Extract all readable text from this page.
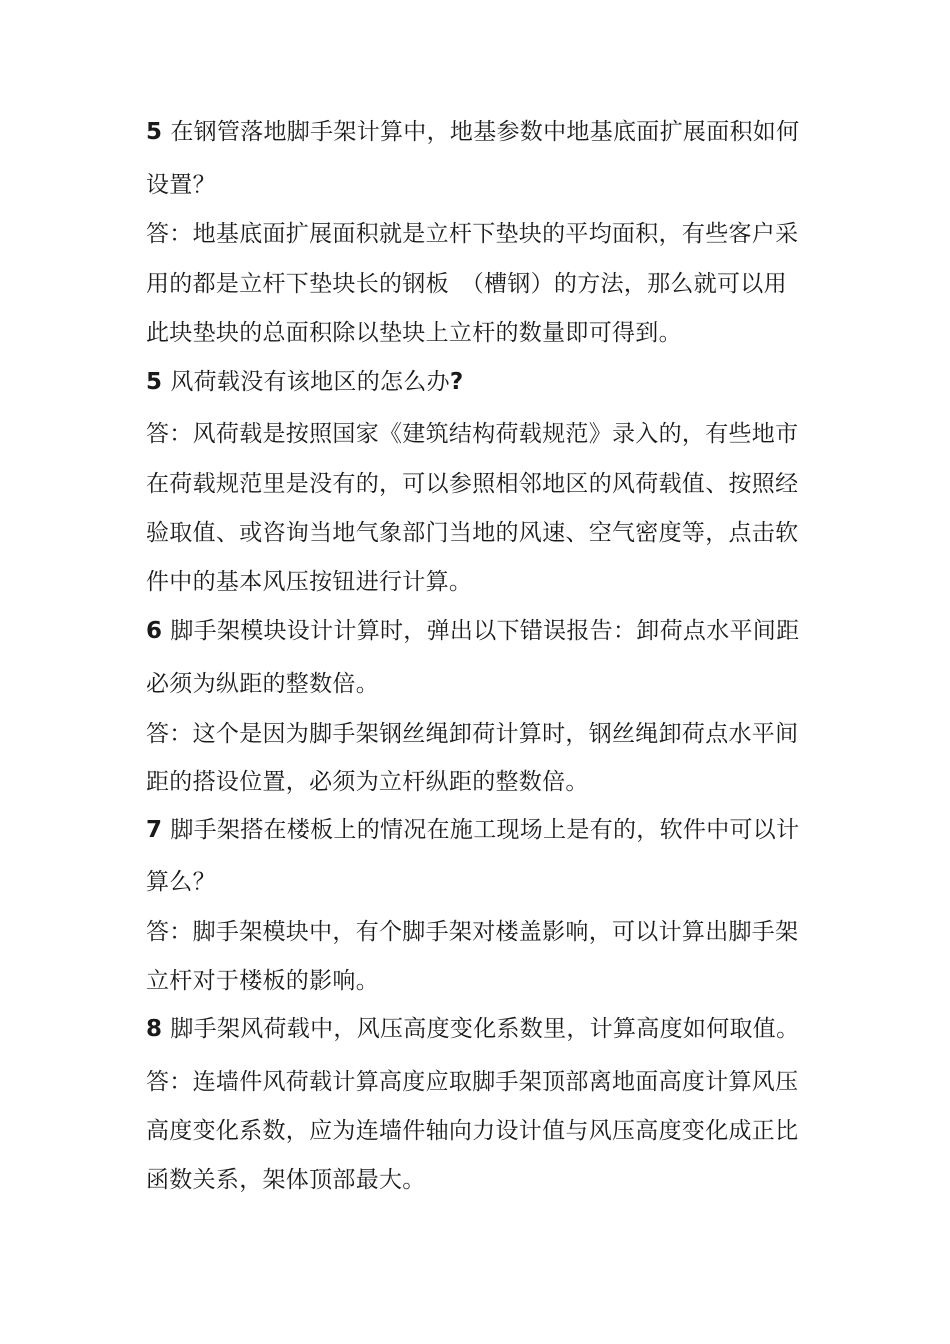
5 在钢管落地脚手架计算中，地基参数中地基底面扩展面积如何
设置？
答：地基底面扩展面积就是立杆下垫块的平均面积，有些客户采
用的都是立杆下垫块长的钢板　（槽钢）的方法，那么就可以用
此块垫块的总面积除以垫块上立杆的数量即可得到。
5 风荷载没有该地区的怎么办?
答：风荷载是按照国家《建筑结构荷载规范》录入的，有些地市
在荷载规范里是没有的，可以参照相邻地区的风荷载值、按照经
验取值、或咨询当地气象部门当地的风速、空气密度等，点击软
件中的基本风压按钮进行计算。
6 脚手架模块设计计算时，弹出以下错误报告：卸荷点水平间距
必须为纵距的整数倍。
答：这个是因为脚手架钢丝绳卸荷计算时，钢丝绳卸荷点水平间
距的搭设位置，必须为立杆纵距的整数倍。
7 脚手架搭在楼板上的情况在施工现场上是有的，软件中可以计
算么？
答：脚手架模块中，有个脚手架对楼盖影响，可以计算出脚手架
立杆对于楼板的影响。
8 脚手架风荷载中，风压高度变化系数里，计算高度如何取值。
答：连墙件风荷载计算高度应取脚手架顶部离地面高度计算风压
高度变化系数，应为连墙件轴向力设计值与风压高度变化成正比
函数关系，架体顶部最大。
